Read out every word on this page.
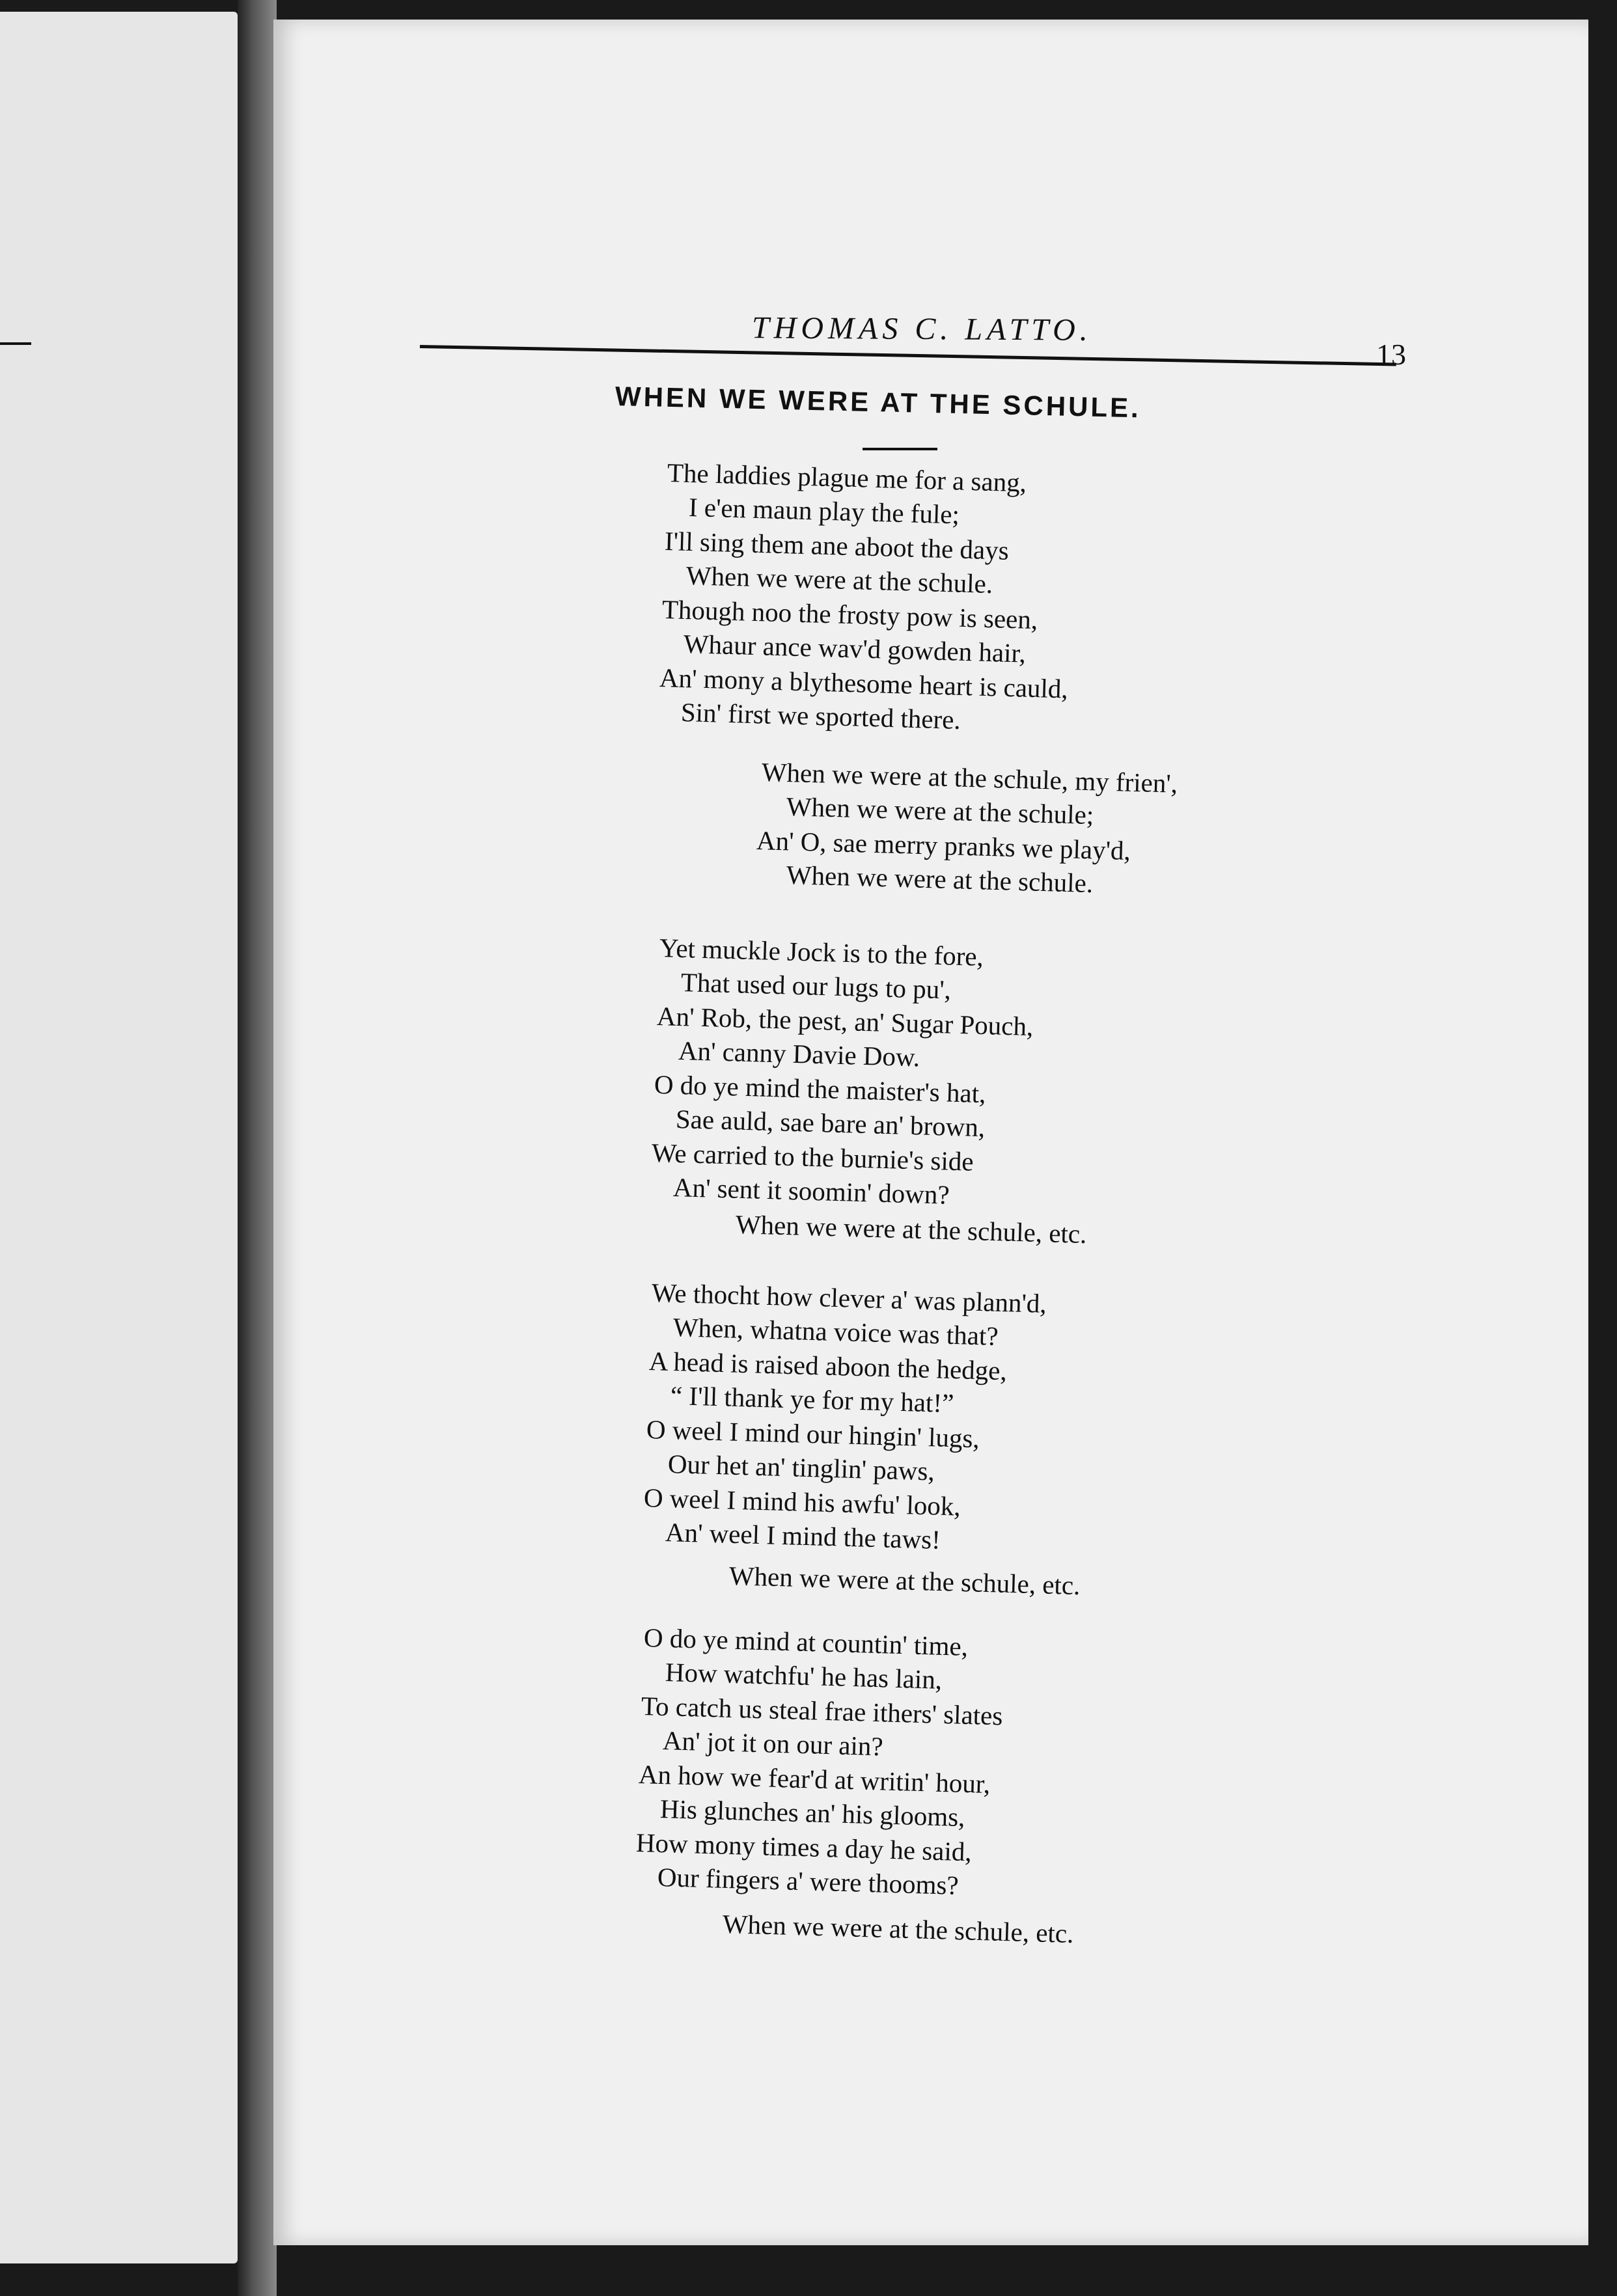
THOMAS C. LATTO.
13
WHEN WE WERE AT THE SCHULE.
The laddies plague me for a sang,
I e'en maun play the fule;
I'll sing them ane aboot the days
When we were at the schule.
Though noo the frosty pow is seen,
Whaur ance wav'd gowden hair,
An' mony a blythesome heart is cauld,
Sin' first we sported there.
When we were at the schule, my frien',
When we were at the schule;
An' O, sae merry pranks we play'd,
When we were at the schule.
Yet muckle Jock is to the fore,
That used our lugs to pu',
An' Rob, the pest, an' Sugar Pouch,
An' canny Davie Dow.
O do ye mind the maister's hat,
Sae auld, sae bare an' brown,
We carried to the burnie's side
An' sent it soomin' down?
When we were at the schule, etc.
We thocht how clever a' was plann'd,
When, whatna voice was that?
A head is raised aboon the hedge,
“ I'll thank ye for my hat!”
O weel I mind our hingin' lugs,
Our het an' tinglin' paws,
O weel I mind his awfu' look,
An' weel I mind the taws!
When we were at the schule, etc.
O do ye mind at countin' time,
How watchfu' he has lain,
To catch us steal frae ithers' slates
An' jot it on our ain?
An how we fear'd at writin' hour,
His glunches an' his glooms,
How mony times a day he said,
Our fingers a' were thooms?
When we were at the schule, etc.
